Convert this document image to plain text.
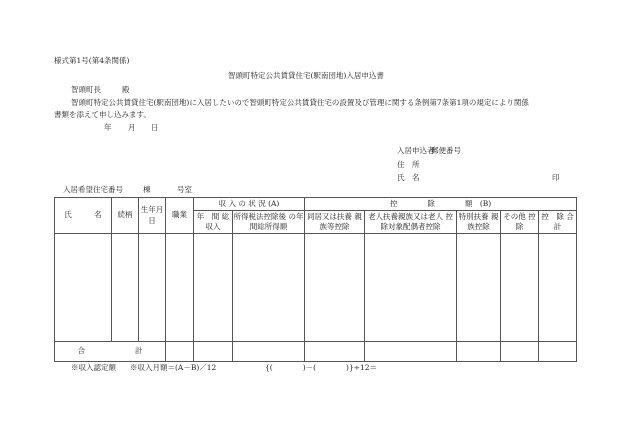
様式第1号(第4条関係)
智頭町特定公共賃貸住宅(駅南団地)入居申込書
智頭町長	殿
智頭町特定公共賃貸住宅(駅南団地)に入居したいので智頭町特定公共賃貸住宅の設置及び管理に関する条例第7条第1項の規定により関係
書類を添えて申し込みます。
年 月 日
入居申込者
郵便番号
住　所
氏　名	印
入居希望住宅番号	棟	号室
氏　　　名	続柄	生年月日	職業	収 入 の 状 況 (A)		控　　　　除　　　　額　(B)				
				年　間 総収入	所得税法控除後 の年間総所得額	同居又は扶養 親族等控除	老人扶養親族又は老人 控除対象配偶者控除	特別扶養 親族控除	その他 控除	控　除 合　計

合 計										
※収入認定額 ※収入月額＝(A－B)／12	{(　　　　)－(　　　　)}÷12＝
